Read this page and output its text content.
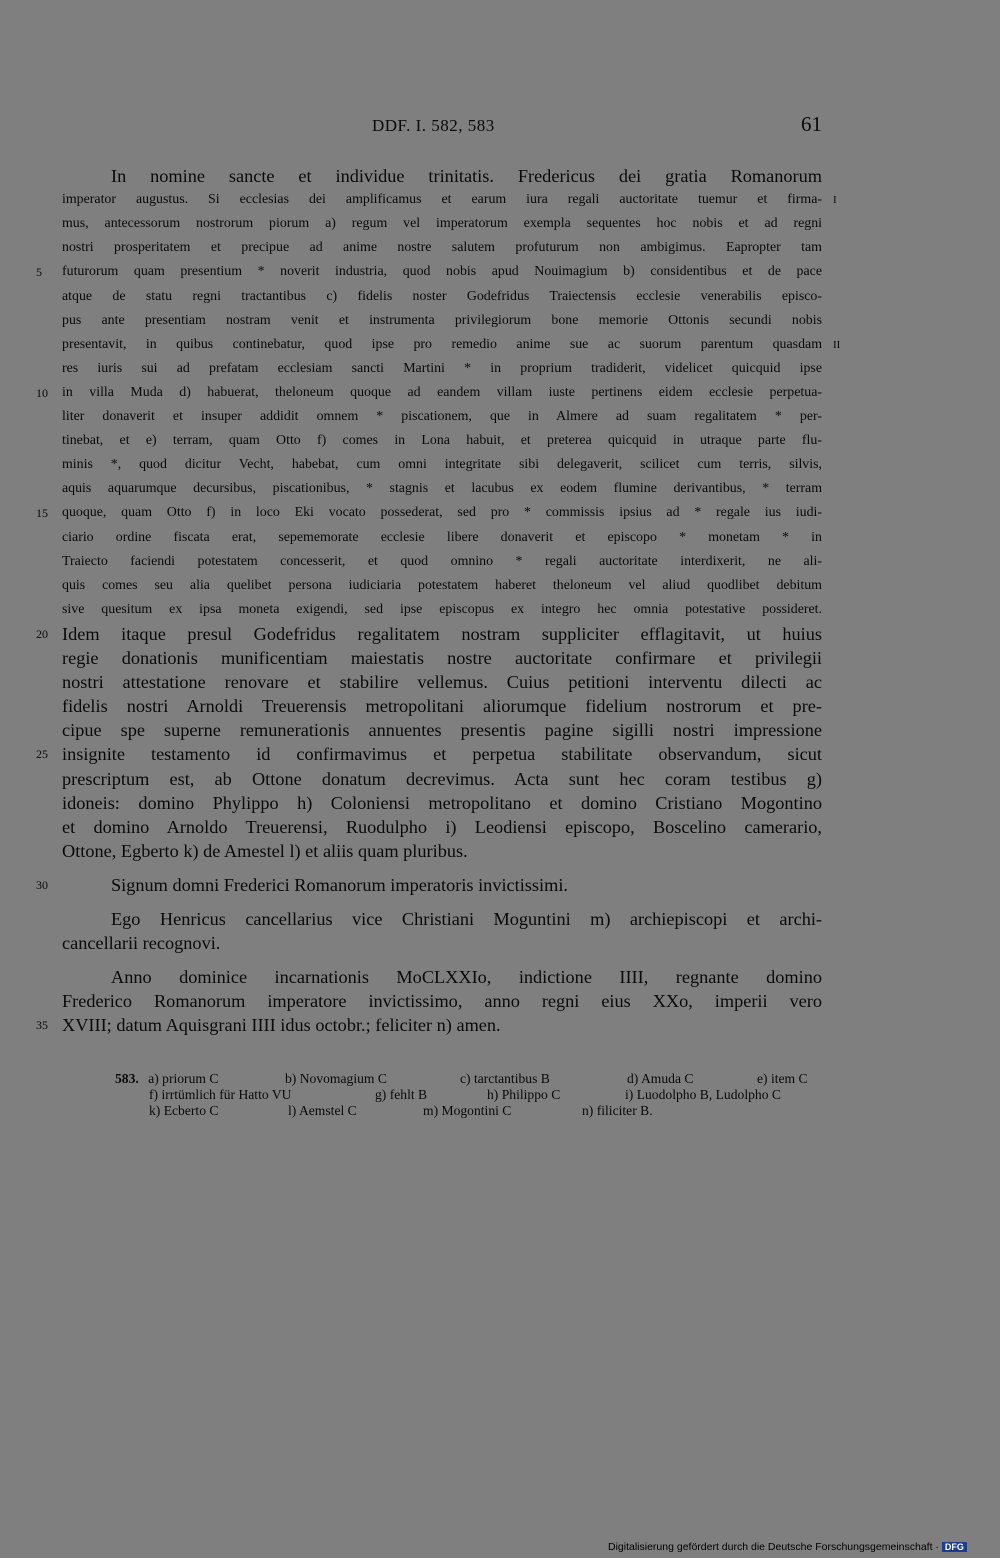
DDF. I. 582, 583	61
In nomine sancte et individue trinitatis. Fredericus dei gratia Romanorum
imperator augustus. Si ecclesias dei amplificamus et earum iura regali auctoritate tuemur et firma- I
mus, antecessorum nostrorum piorum a) regum vel imperatorum exempla sequentes hoc nobis et ad regni
nostri prosperitatem et precipue ad anime nostre salutem profuturum non ambigimus. Eapropter tam
futurorum quam presentium * noverit industria, quod nobis apud Nouimagium b) considentibus et de pace
5
atque de statu regni tractantibus c) fidelis noster Godefridus Traiectensis ecclesie venerabilis episco-
pus ante presentiam nostram venit et instrumenta privilegiorum bone memorie Ottonis secundi nobis
presentavit, in quibus continebatur, quod ipse pro remedio anime sue ac suorum parentum quasdam II
res iuris sui ad prefatam ecclesiam sancti Martini * in proprium tradiderit, videlicet quicquid ipse
in villa Muda d) habuerat, theloneum quoque ad eandem villam iuste pertinens eidem ecclesie perpetua-
10
liter donaverit et insuper addidit omnem * piscationem, que in Almere ad suam regalitatem * per-
tinebat, et e) terram, quam Otto f) comes in Lona habuit, et preterea quicquid in utraque parte flu-
minis *, quod dicitur Vecht, habebat, cum omni integritate sibi delegaverit, scilicet cum terris, silvis,
aquis aquarumque decursibus, piscationibus, * stagnis et lacubus ex eodem flumine derivantibus, * terram
quoque, quam Otto f) in loco Eki vocato possederat, sed pro * commissis ipsius ad * regale ius iudi-
15
ciario ordine fiscata erat, sepememorate ecclesie libere donaverit et episcopo * monetam * in
Traiecto faciendi potestatem concesserit, et quod omnino * regali auctoritate interdixerit, ne ali-
quis comes seu alia quelibet persona iudiciaria potestatem haberet theloneum vel aliud quodlibet debitum
sive quesitum ex ipsa moneta exigendi, sed ipse episcopus ex integro hec omnia potestative possideret.
Idem itaque presul Godefridus regalitatem nostram suppliciter efflagitavit, ut huius
20
regie donationis munificentiam maiestatis nostre auctoritate confirmare et privilegii
nostri attestatione renovare et stabilire vellemus. Cuius petitioni interventu dilecti ac
fidelis nostri Arnoldi Treuerensis metropolitani aliorumque fidelium nostrorum et pre-
cipue spe superne remunerationis annuentes presentis pagine sigilli nostri impressione
insignite testamento id confirmavimus et perpetua stabilitate observandum, sicut
25
prescriptum est, ab Ottone donatum decrevimus. Acta sunt hec coram testibus g)
idoneis: domino Phylippo h) Coloniensi metropolitano et domino Cristiano Mogontino
et domino Arnoldo Treuerensi, Ruodulpho i) Leodiensi episcopo, Boscelino camerario,
Ottone, Egberto k) de Amestel l) et aliis quam pluribus.
Signum domni Frederici Romanorum imperatoris invictissimi.
30
Ego Henricus cancellarius vice Christiani Moguntini m) archiepiscopi et archi-
cancellarii recognovi.
Anno dominice incarnationis MoCLXXIo, indictione IIII, regnante domino
Frederico Romanorum imperatore invictissimo, anno regni eius XXo, imperii vero
XVIII; datum Aquisgrani IIII idus octobr.; feliciter n) amen.
35
583. a) priorum C	b) Novomagium C	c) tarctantibus B	d) Amuda C	e) item C
f) irrtümlich für Hatto VU	g) fehlt B	h) Philippo C	i) Luodolpho B, Ludolpho C
k) Ecberto C	l) Aemstel C	m) Mogontini C	n) filiciter B.
Digitalisierung gefördert durch die Deutsche Forschungsgemeinschaft · DFG
